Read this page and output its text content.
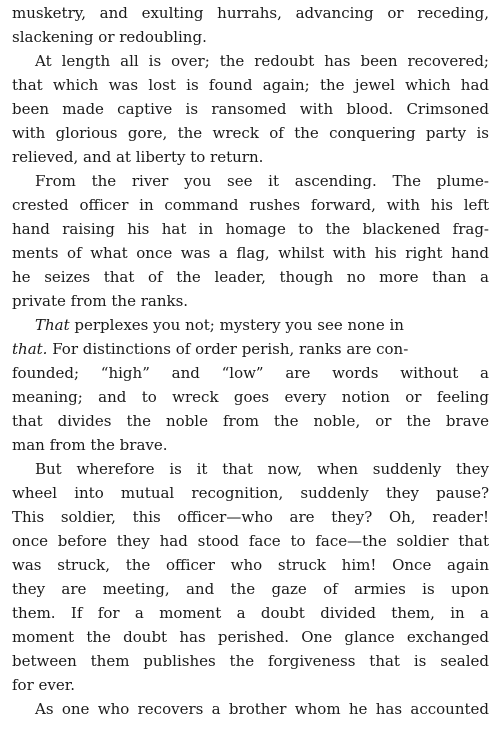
musketry, and exulting hurrahs, advancing or receding,
slackening or redoubling.
At length all is over; the redoubt has been recovered;
that which was lost is found again; the jewel which had
been made captive is ransomed with blood. Crimsoned
with glorious gore, the wreck of the conquering party is
relieved, and at liberty to return.
From the river you see it ascending. The plume-
crested officer in command rushes forward, with his left
hand raising his hat in homage to the blackened frag-
ments of what once was a flag, whilst with his right hand
he seizes that of the leader, though no more than a
private from the ranks.
That perplexes you not; mystery you see none in
that. For distinctions of order perish, ranks are con-
founded; “high” and “low” are words without a
meaning; and to wreck goes every notion or feeling
that divides the noble from the noble, or the brave
man from the brave.
But wherefore is it that now, when suddenly they
wheel into mutual recognition, suddenly they pause?
This soldier, this officer—who are they? Oh, reader!
once before they had stood face to face—the soldier that
was struck, the officer who struck him! Once again
they are meeting, and the gaze of armies is upon
them. If for a moment a doubt divided them, in a
moment the doubt has perished. One glance exchanged
between them publishes the forgiveness that is sealed
for ever.
As one who recovers a brother whom he has accounted
